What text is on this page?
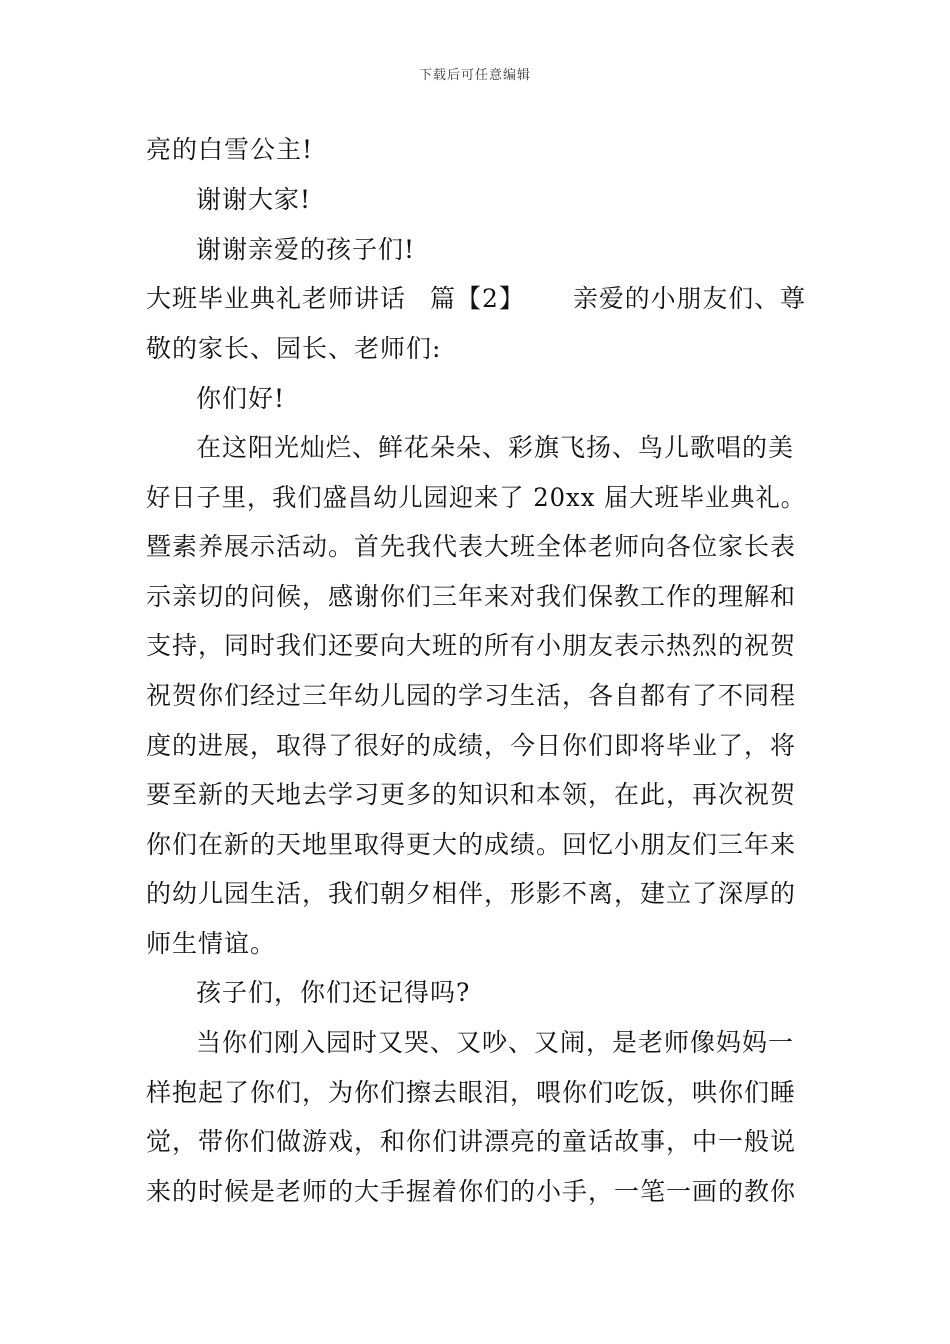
下载后可任意编辑
亮的白雪公主!
谢谢大家!
谢谢亲爱的孩子们!
大班毕业典礼老师讲话 篇【2】 亲爱的小朋友们、尊
敬的家长、园长、老师们:
你们好!
在这阳光灿烂、鲜花朵朵、彩旗飞扬、鸟儿歌唱的美
好日子里，我们盛昌幼儿园迎来了 20xx 届大班毕业典礼。
暨素养展示活动。首先我代表大班全体老师向各位家长表
示亲切的问候，感谢你们三年来对我们保教工作的理解和
支持，同时我们还要向大班的所有小朋友表示热烈的祝贺
祝贺你们经过三年幼儿园的学习生活，各自都有了不同程
度的进展，取得了很好的成绩，今日你们即将毕业了，将
要至新的天地去学习更多的知识和本领，在此，再次祝贺
你们在新的天地里取得更大的成绩。回忆小朋友们三年来
的幼儿园生活，我们朝夕相伴，形影不离，建立了深厚的
师生情谊。
孩子们，你们还记得吗?
当你们刚入园时又哭、又吵、又闹，是老师像妈妈一
样抱起了你们，为你们擦去眼泪，喂你们吃饭，哄你们睡
觉，带你们做游戏，和你们讲漂亮的童话故事，中一般说
来的时候是老师的大手握着你们的小手，一笔一画的教你
